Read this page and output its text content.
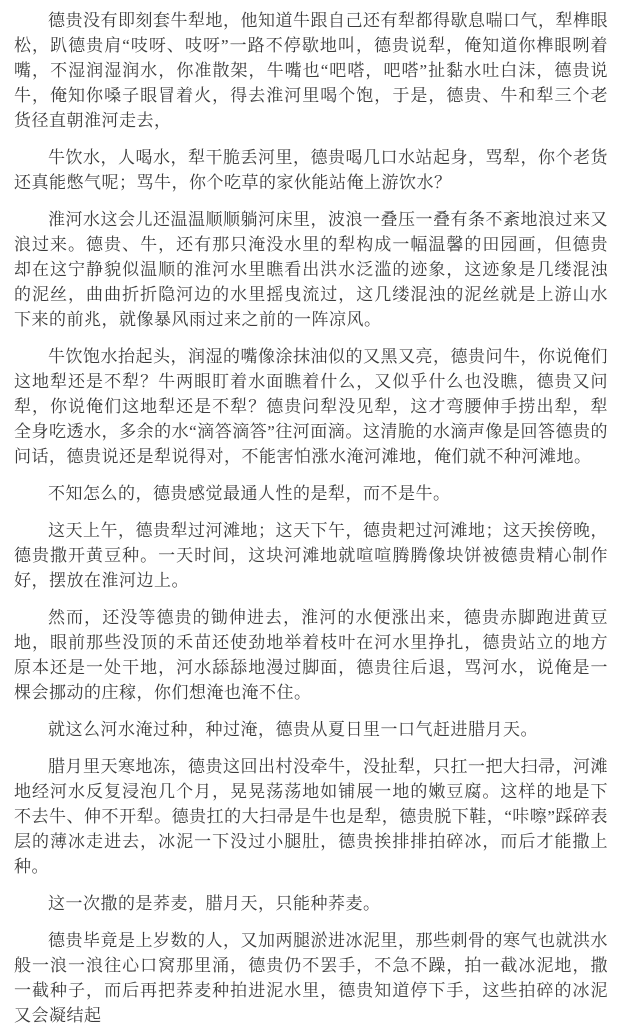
德贵没有即刻套牛犁地，他知道牛跟自己还有犁都得歇息喘口气，犁榫眼松，趴德贵肩“吱呀、吱呀”一路不停歇地叫，德贵说犁，俺知道你榫眼咧着嘴，不湿润湿润水，你准散架，牛嘴也“吧嗒，吧嗒”扯黏水吐白沫，德贵说牛，俺知你嗓子眼冒着火，得去淮河里喝个饱，于是，德贵、牛和犁三个老货径直朝淮河走去，

牛饮水，人喝水，犁干脆丢河里，德贵喝几口水站起身，骂犁，你个老货还真能憋气呢；骂牛，你个吃草的家伙能站俺上游饮水？

淮河水这会儿还温温顺顺躺河床里，波浪一叠压一叠有条不紊地浪过来又浪过来。德贵、牛，还有那只淹没水里的犁构成一幅温馨的田园画，但德贵却在这宁静貌似温顺的淮河水里瞧看出洪水泛滥的迹象，这迹象是几缕混浊的泥丝，曲曲折折隐河边的水里摇曳流过，这几缕混浊的泥丝就是上游山水下来的前兆，就像暴风雨过来之前的一阵凉风。

牛饮饱水抬起头，润湿的嘴像涂抹油似的又黑又亮，德贵问牛，你说俺们这地犁还是不犁？牛两眼盯着水面瞧着什么，又似乎什么也没瞧，德贵又问犁，你说俺们这地犁还是不犁？德贵问犁没见犁，这才弯腰伸手捞出犁，犁全身吃透水，多余的水“滴答滴答”往河面滴。这清脆的水滴声像是回答德贵的问话，德贵说还是犁说得对，不能害怕涨水淹河滩地，俺们就不种河滩地。

不知怎么的，德贵感觉最通人性的是犁，而不是牛。

这天上午，德贵犁过河滩地；这天下午，德贵耙过河滩地；这天挨傍晚，德贵撒开黄豆种。一天时间，这块河滩地就喧喧腾腾像块饼被德贵精心制作好，摆放在淮河边上。

然而，还没等德贵的锄伸进去，淮河的水便涨出来，德贵赤脚跑进黄豆地，眼前那些没顶的禾苗还使劲地举着枝叶在河水里挣扎，德贵站立的地方原本还是一处干地，河水舔舔地漫过脚面，德贵往后退，骂河水，说俺是一棵会挪动的庄稼，你们想淹也淹不住。

就这么河水淹过种，种过淹，德贵从夏日里一口气赶进腊月天。

腊月里天寒地冻，德贵这回出村没牵牛，没扯犁，只扛一把大扫帚，河滩地经河水反复浸泡几个月，晃晃荡荡地如铺展一地的嫩豆腐。这样的地是下不去牛、伸不开犁。德贵扛的大扫帚是牛也是犁，德贵脱下鞋，“咔嚓”踩碎表层的薄冰走进去，冰泥一下没过小腿肚，德贵挨排排拍碎冰，而后才能撒上种。

这一次撒的是荞麦，腊月天，只能种荞麦。

德贵毕竟是上岁数的人，又加两腿淤进冰泥里，那些刺骨的寒气也就洪水般一浪一浪往心口窝那里涌，德贵仍不罢手，不急不躁，拍一截冰泥地，撒一截种子，而后再把荞麦种拍进泥水里，德贵知道停下手，这些拍碎的冰泥又会凝结起
